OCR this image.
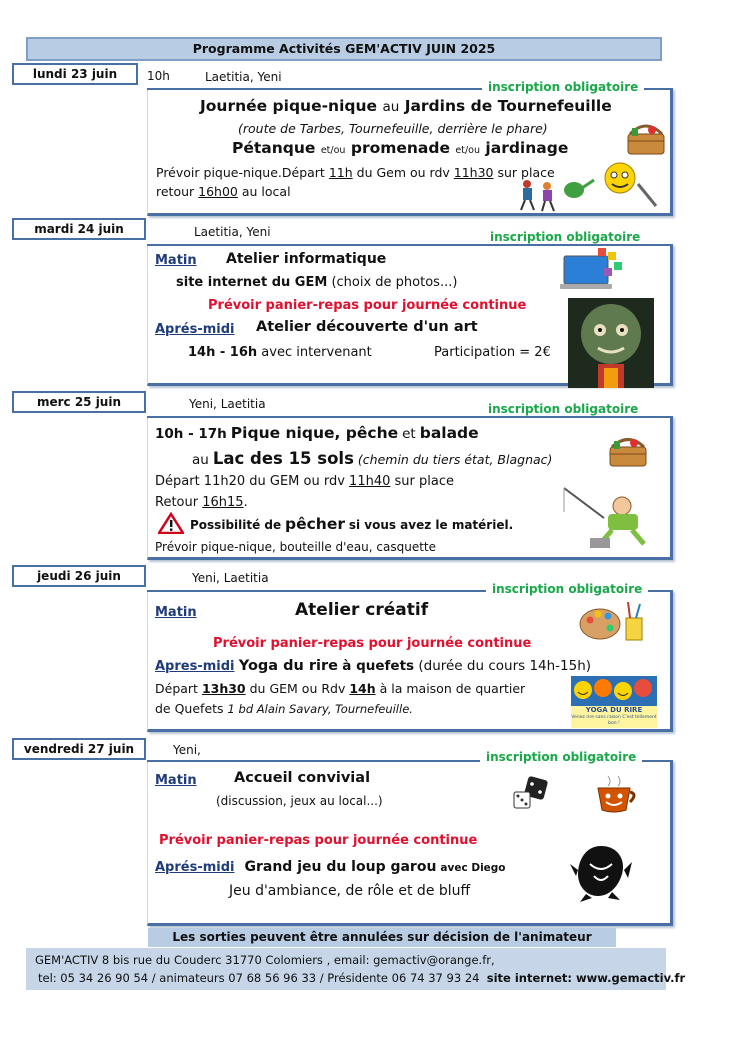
Programme Activités GEM'ACTIV JUIN 2025
lundi 23 juin	10h	Laetitia, Yeni
inscription obligatoire
Journée pique-nique au Jardins de Tournefeuille
(route de Tarbes, Tournefeuille, derrière le phare)
Pétanque et/ou promenade et/ou jardinage
Prévoir pique-nique.Départ 11h du Gem ou rdv 11h30 sur place
retour 16h00 au local
mardi 24 juin	Laetitia, Yeni	inscription obligatoire
Matin Atelier informatique
site internet du GEM (choix de photos...)
Prévoir panier-repas pour journée continue
Aprés-midi Atelier découverte d'un art
14h - 16h avec intervenant	Participation = 2€
merc 25 juin	Yeni, Laetitia	inscription obligatoire
10h - 17h Pique nique, pêche et balade
au Lac des 15 sols (chemin du tiers état, Blagnac)
Départ 11h20 du GEM ou rdv 11h40 sur place
Retour 16h15.
Possibilité de pêcher si vous avez le matériel.
Prévoir pique-nique, bouteille d'eau, casquette
jeudi 26 juin	Yeni, Laetitia
inscription obligatoire
Matin	Atelier créatif
Prévoir panier-repas pour journée continue
Apres-midi Yoga du rire à quefets (durée du cours 14h-15h)
Départ 13h30 du GEM ou Rdv 14h à la maison de quartier
de Quefets 1 bd Alain Savary, Tournefeuille.	YOGA DU RIRE
Venez rire sans raison C'est tellement bon !
vendredi 27 juin	Yeni,	inscription obligatoire
Matin	Accueil convivial
(discussion, jeux au local...)
Prévoir panier-repas pour journée continue
Aprés-midi Grand jeu du loup garou avec Diego
Jeu d'ambiance, de rôle et de bluff
Les sorties peuvent être annulées sur décision de l'animateur
GEM'ACTIV 8 bis rue du Couderc 31770 Colomiers , email: gemactiv@orange.fr,
tel: 05 34 26 90 54 / animateurs 07 68 56 96 33 / Présidente 06 74 37 93 24 site internet: www.gemactiv.fr
